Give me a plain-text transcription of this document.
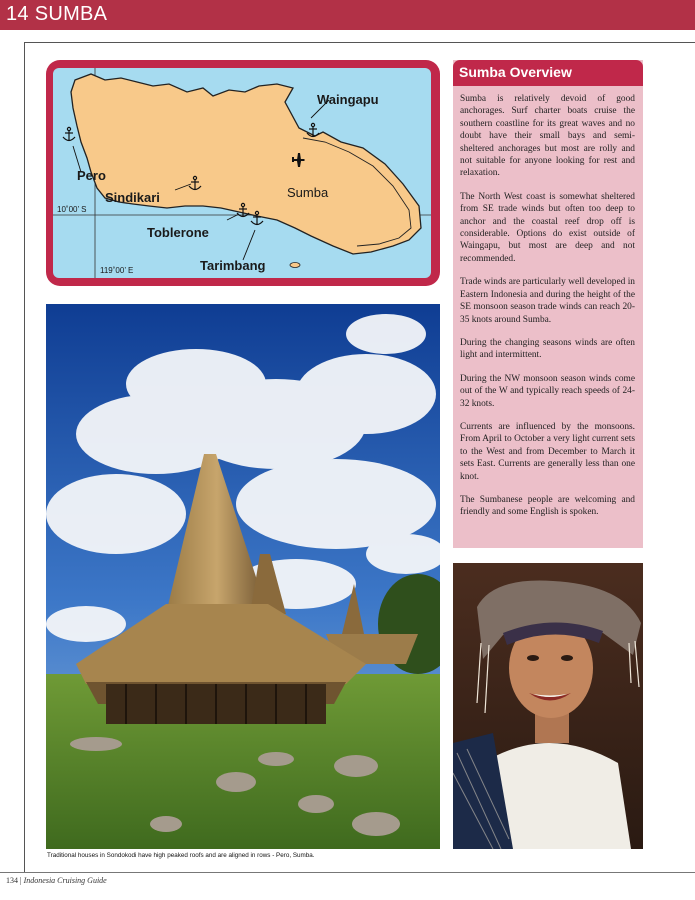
14 SUMBA
Waingapu
Pero
Sindikari	Sumba
Toblerone
Tarimbang
10˚00’ S
119˚00’ E
Sumba Overview

Sumba is relatively devoid of good anchorages. Surf charter boats cruise the southern coastline for its great waves and no doubt have their small bays and semi-sheltered anchorages but most are rolly and not suitable for anyone looking for rest and relaxation.

The North West coast is somewhat sheltered from SE trade winds but often too deep to anchor and the coastal reef drop off is considerable. Options do exist outside of Waingapu, but most are deep and not recommended.

Trade winds are particularly well developed in Eastern Indonesia and during the height of the SE monsoon season trade winds can reach 20-35 knots around Sumba.

During the changing seasons winds are often light and intermittent.

During the NW monsoon season winds come out of the W and typically reach speeds of 24-32 knots.

Currents are influenced by the monsoons. From April to October a very light current sets to the West and from December to March it sets East. Currents are generally less than one knot.

The Sumbanese people are welcoming and friendly and some English is spoken.

Traditional houses in Sondokodi have high peaked roofs and are aligned in rows - Pero, Sumba.
134 | Indonesia Cruising Guide
